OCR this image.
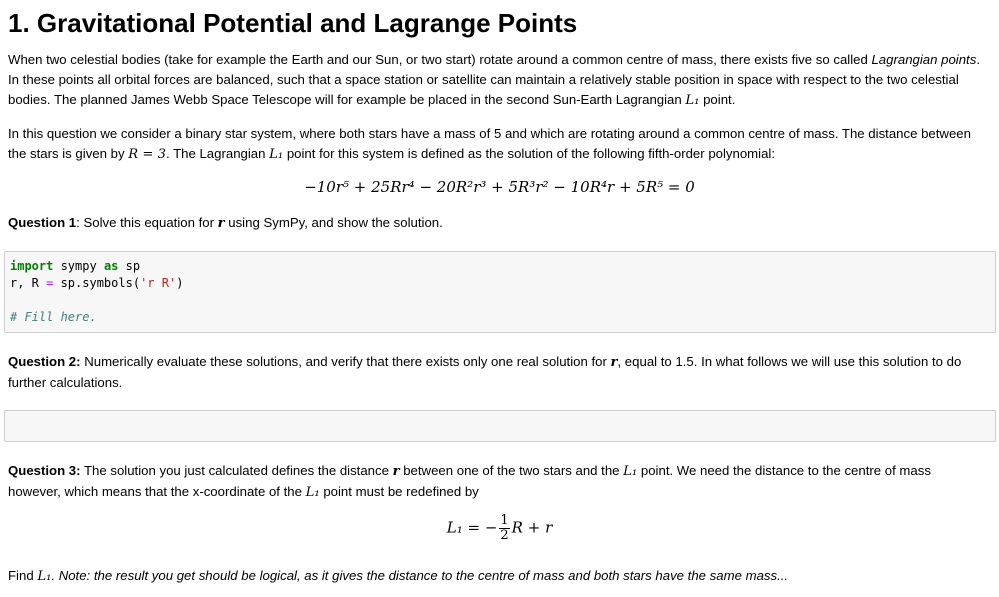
1. Gravitational Potential and Lagrange Points

When two celestial bodies (take for example the Earth and our Sun, or two start) rotate around a common centre of mass, there exists five so called Lagrangian points. In these points all orbital forces are balanced, such that a space station or satellite can maintain a relatively stable position in space with respect to the two celestial bodies. The planned James Webb Space Telescope will for example be placed in the second Sun-Earth Lagrangian L₁ point.

In this question we consider a binary star system, where both stars have a mass of 5 and which are rotating around a common centre of mass. The distance between the stars is given by R = 3. The Lagrangian L₁ point for this system is defined as the solution of the following fifth-order polynomial:

−10r⁵ + 25Rr⁴ − 20R²r³ + 5R³r² − 10R⁴r + 5R⁵ = 0

Question 1: Solve this equation for r using SymPy, and show the solution.

import sympy as sp
r, R = sp.symbols('r R')

# Fill here.

Question 2: Numerically evaluate these solutions, and verify that there exists only one real solution for r, equal to 1.5. In what follows we will use this solution to do further calculations.

Question 3: The solution you just calculated defines the distance r between one of the two stars and the L₁ point. We need the distance to the centre of mass however, which means that the x-coordinate of the L₁ point must be redefined by

L₁ = − $\frac{1}{2}$ R + r

Find L₁. Note: the result you get should be logical, as it gives the distance to the centre of mass and both stars have the same mass...
